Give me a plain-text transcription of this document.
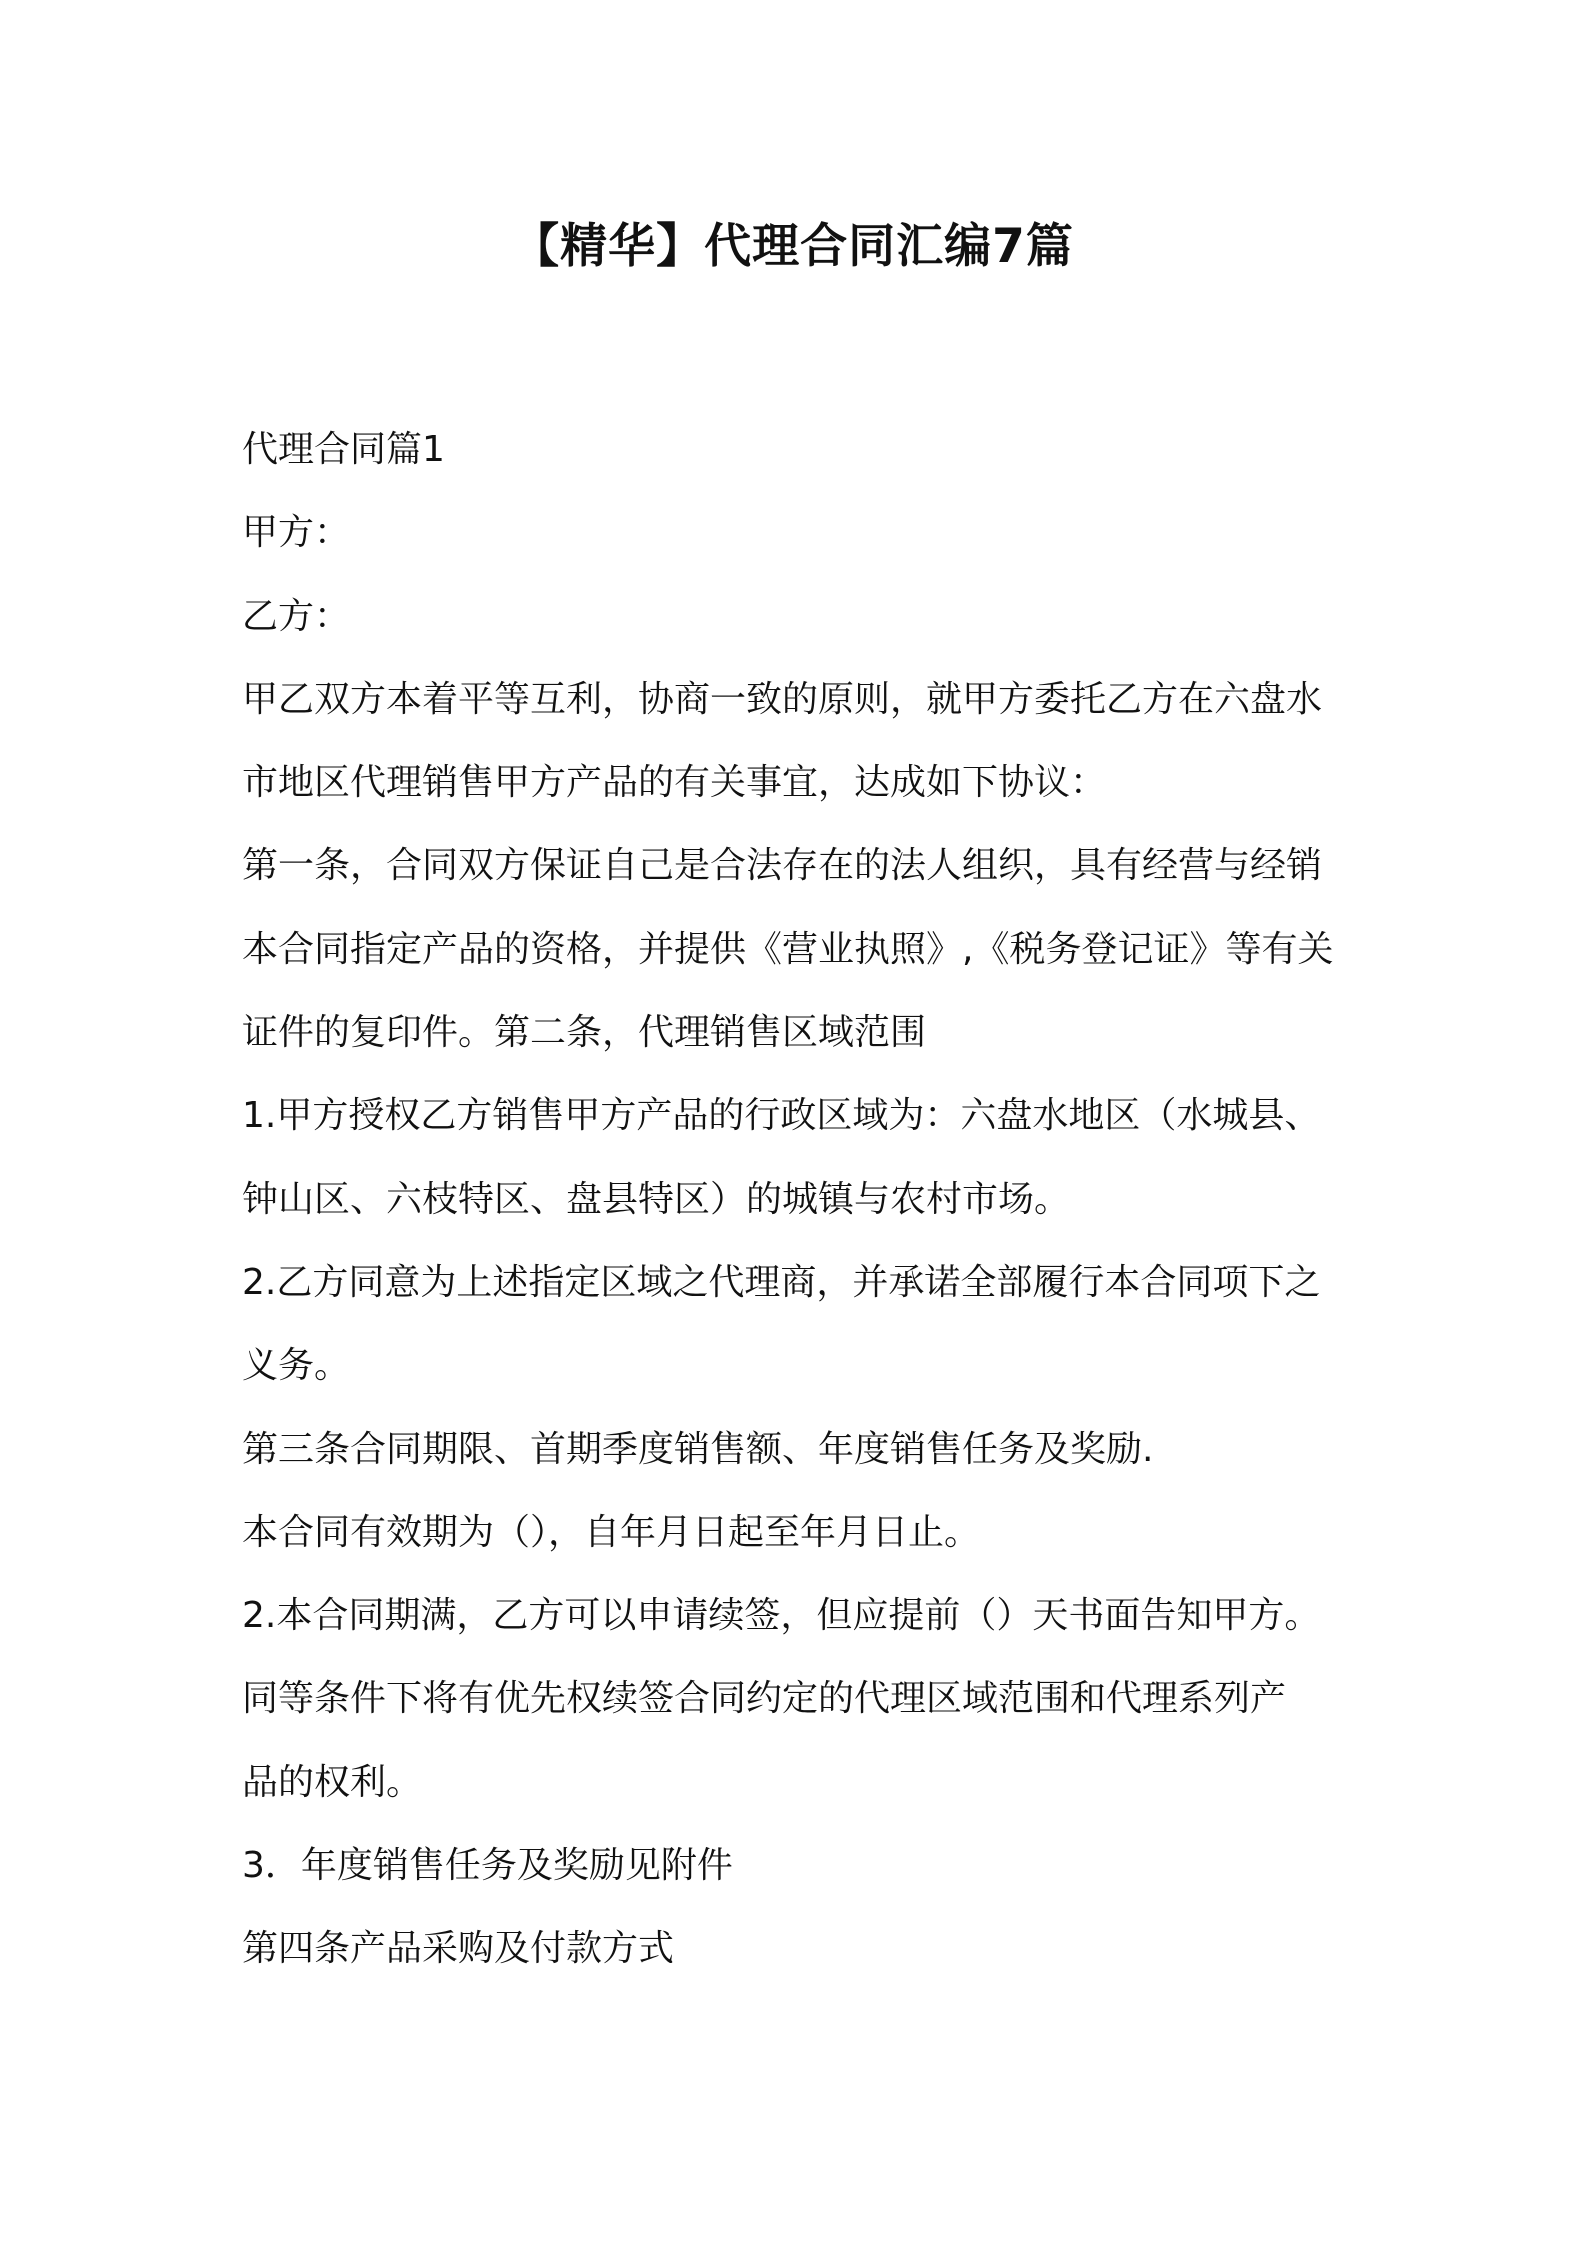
【精华】代理合同汇编7篇
代理合同篇1
甲方：
乙方：
甲乙双方本着平等互利，协商一致的原则，就甲方委托乙方在六盘水
市地区代理销售甲方产品的有关事宜，达成如下协议：
第一条，合同双方保证自己是合法存在的法人组织，具有经营与经销
本合同指定产品的资格，并提供《营业执照》,《税务登记证》等有关
证件的复印件。第二条，代理销售区域范围
1.甲方授权乙方销售甲方产品的行政区域为：六盘水地区（水城县、
钟山区、六枝特区、盘县特区）的城镇与农村市场。
2.乙方同意为上述指定区域之代理商，并承诺全部履行本合同项下之
义务。
第三条合同期限、首期季度销售额、年度销售任务及奖励.
本合同有效期为（），自年月日起至年月日止。
2.本合同期满，乙方可以申请续签，但应提前（）天书面告知甲方。
同等条件下将有优先权续签合同约定的代理区域范围和代理系列产
品的权利。
3．年度销售任务及奖励见附件
第四条产品采购及付款方式
